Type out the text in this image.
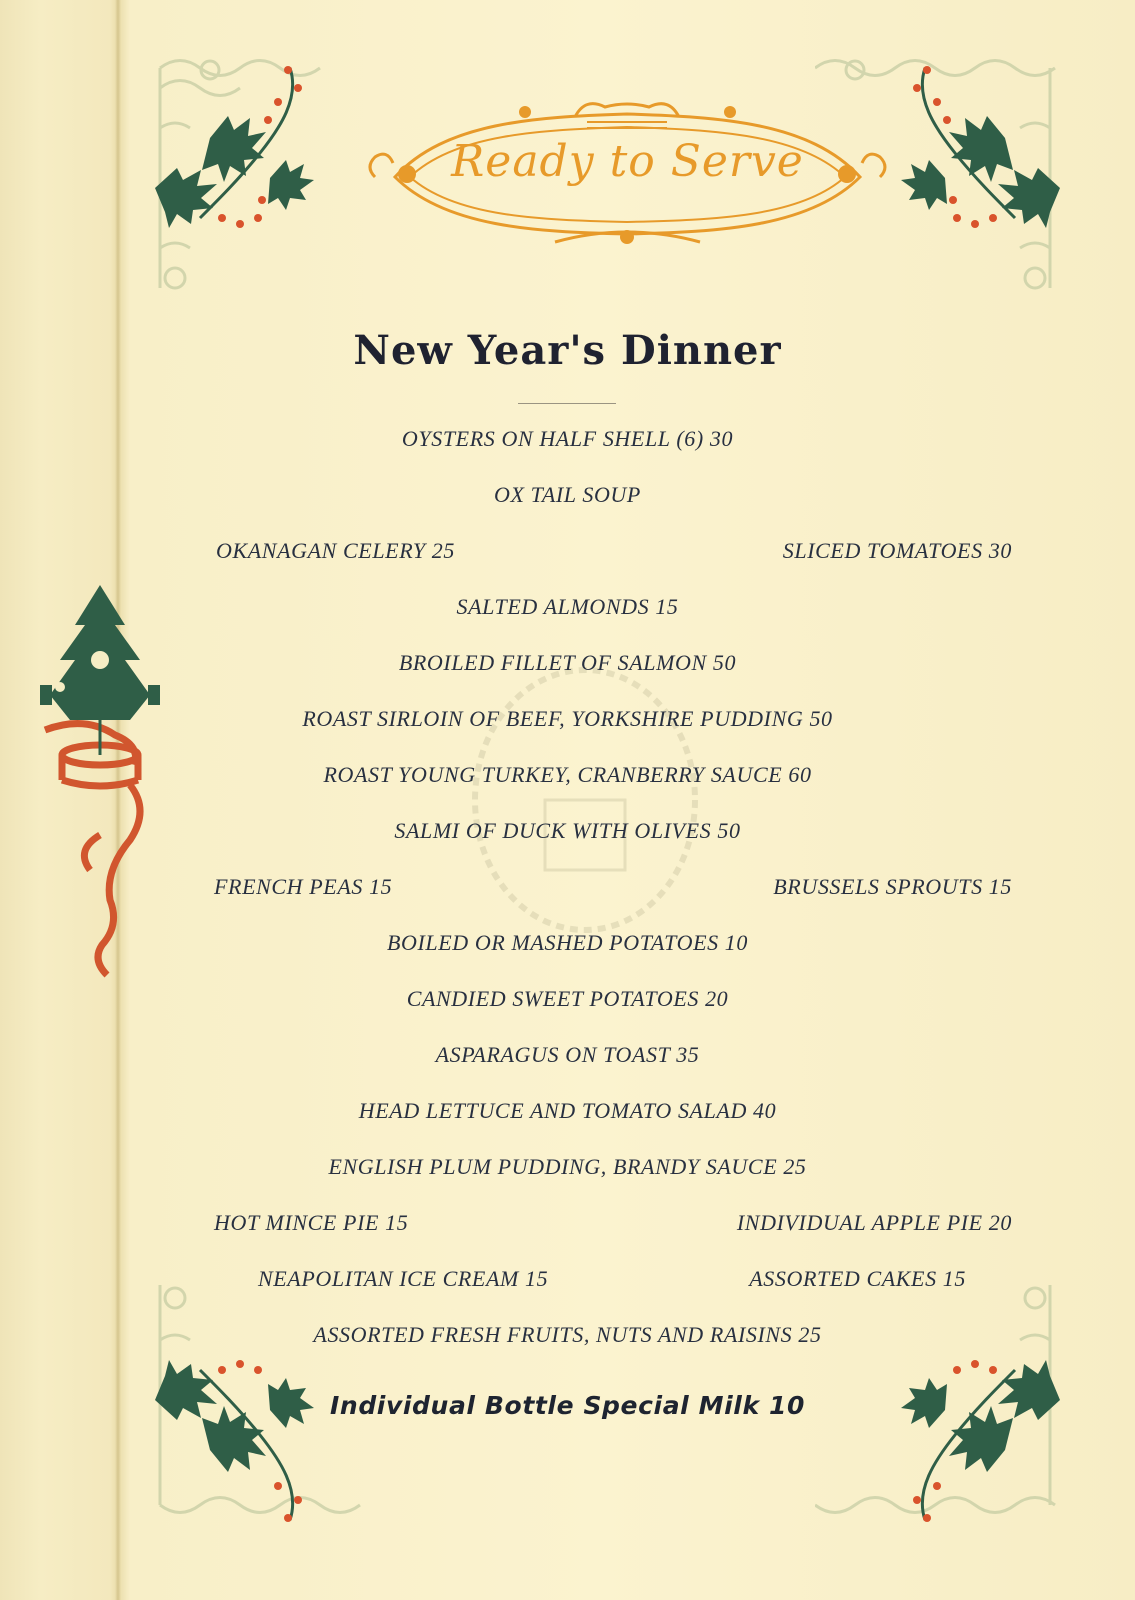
Ready to Serve
New Year's Dinner
OYSTERS ON HALF SHELL (6) 30
OX TAIL SOUP
OKANAGAN CELERY 25	SLICED TOMATOES 30
SALTED ALMONDS 15
BROILED FILLET OF SALMON 50
ROAST SIRLOIN OF BEEF, YORKSHIRE PUDDING 50
ROAST YOUNG TURKEY, CRANBERRY SAUCE 60
SALMI OF DUCK WITH OLIVES 50
FRENCH PEAS 15	BRUSSELS SPROUTS 15
BOILED OR MASHED POTATOES 10
CANDIED SWEET POTATOES 20
ASPARAGUS ON TOAST 35
HEAD LETTUCE AND TOMATO SALAD 40
ENGLISH PLUM PUDDING, BRANDY SAUCE 25
HOT MINCE PIE 15	INDIVIDUAL APPLE PIE 20
NEAPOLITAN ICE CREAM 15	ASSORTED CAKES 15
ASSORTED FRESH FRUITS, NUTS AND RAISINS 25
Individual Bottle Special Milk 10
